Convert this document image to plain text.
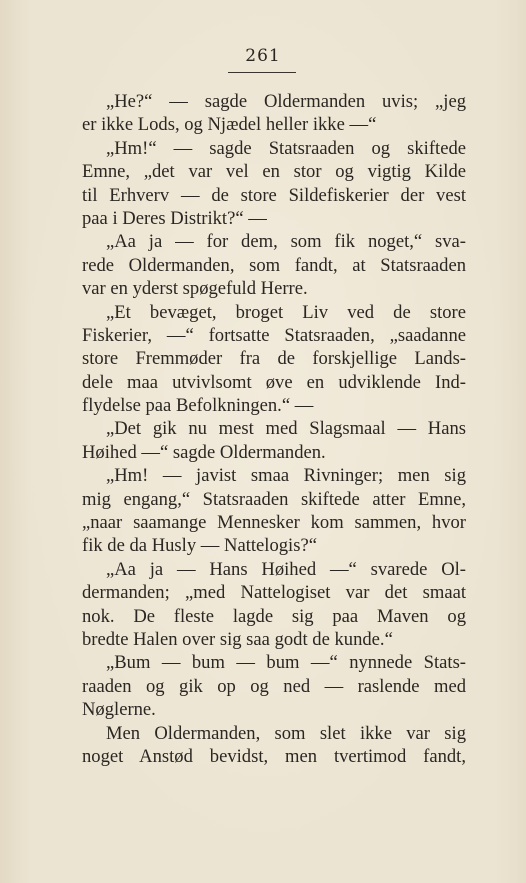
261
„He?“ — sagde Oldermanden uvis; „jeg
er ikke Lods, og Njædel heller ikke —“
„Hm!“ — sagde Statsraaden og skiftede
Emne, „det var vel en stor og vigtig Kilde
til Erhverv — de store Sildefiskerier der vest
paa i Deres Distrikt?“ —
„Aa ja — for dem, som fik noget,“ sva-
rede Oldermanden, som fandt, at Statsraaden
var en yderst spøgefuld Herre.
„Et bevæget, broget Liv ved de store
Fiskerier, —“ fortsatte Statsraaden, „saadanne
store Fremmøder fra de forskjellige Lands-
dele maa utvivlsomt øve en udviklende Ind-
flydelse paa Befolkningen.“ —
„Det gik nu mest med Slagsmaal — Hans
Høihed —“ sagde Oldermanden.
„Hm! — javist smaa Rivninger; men sig
mig engang,“ Statsraaden skiftede atter Emne,
„naar saamange Mennesker kom sammen, hvor
fik de da Husly — Nattelogis?“
„Aa ja — Hans Høihed —“ svarede Ol-
dermanden; „med Nattelogiset var det smaat
nok. De fleste lagde sig paa Maven og
bredte Halen over sig saa godt de kunde.“
„Bum — bum — bum —“ nynnede Stats-
raaden og gik op og ned — raslende med
Nøglerne.
Men Oldermanden, som slet ikke var sig
noget Anstød bevidst, men tvertimod fandt,
